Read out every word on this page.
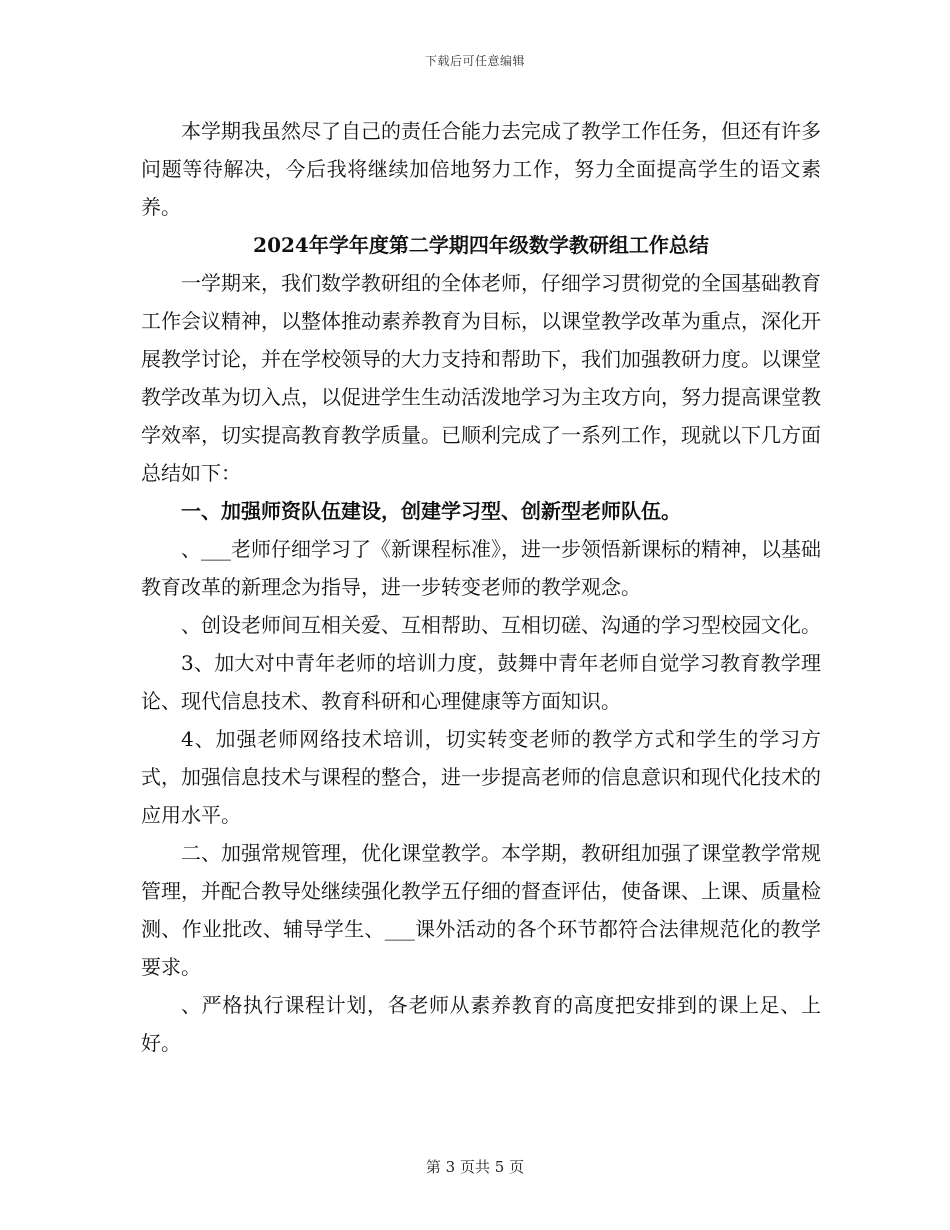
下载后可任意编辑

本学期我虽然尽了自己的责任合能力去完成了教学工作任务，但还有许多问题等待解决，今后我将继续加倍地努力工作，努力全面提高学生的语文素养。

2024年学年度第二学期四年级数学教研组工作总结

一学期来，我们数学教研组的全体老师，仔细学习贯彻党的全国基础教育工作会议精神，以整体推动素养教育为目标，以课堂教学改革为重点，深化开展教学讨论，并在学校领导的大力支持和帮助下，我们加强教研力度。以课堂教学改革为切入点，以促进学生生动活泼地学习为主攻方向，努力提高课堂教学效率，切实提高教育教学质量。已顺利完成了一系列工作，现就以下几方面总结如下：

一、加强师资队伍建设，创建学习型、创新型老师队伍。

、___老师仔细学习了《新课程标准》，进一步领悟新课标的精神，以基础教育改革的新理念为指导，进一步转变老师的教学观念。

、创设老师间互相关爱、互相帮助、互相切磋、沟通的学习型校园文化。

3、加大对中青年老师的培训力度，鼓舞中青年老师自觉学习教育教学理论、现代信息技术、教育科研和心理健康等方面知识。

4、加强老师网络技术培训，切实转变老师的教学方式和学生的学习方式，加强信息技术与课程的整合，进一步提高老师的信息意识和现代化技术的应用水平。

二、加强常规管理，优化课堂教学。本学期，教研组加强了课堂教学常规管理，并配合教导处继续强化教学五仔细的督查评估，使备课、上课、质量检测、作业批改、辅导学生、___课外活动的各个环节都符合法律规范化的教学要求。

、严格执行课程计划，各老师从素养教育的高度把安排到的课上足、上好。

第 3 页共 5 页
